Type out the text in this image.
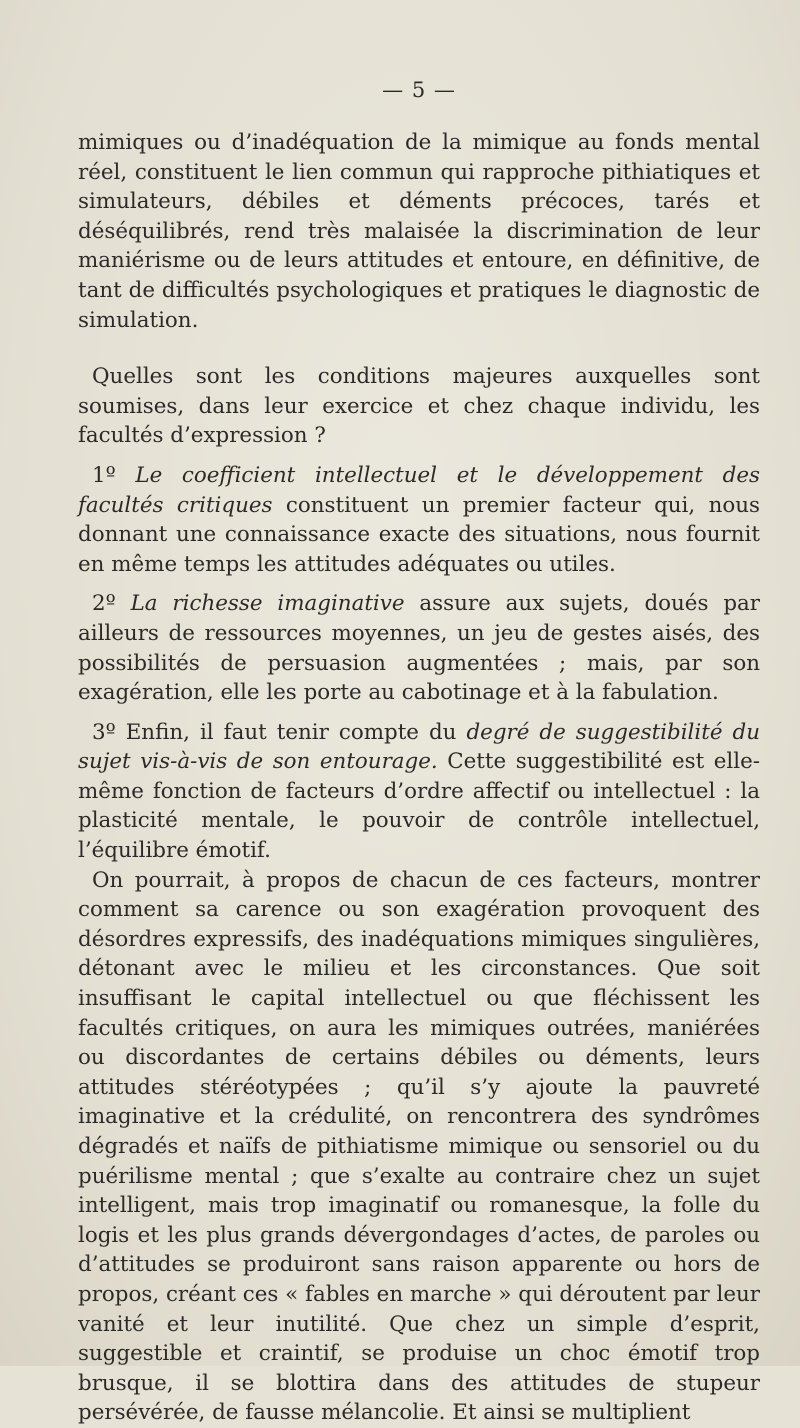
— 5 —

mimiques ou d’inadéquation de la mimique au fonds mental réel, constituent le lien commun qui rapproche pithiatiques et simulateurs, débiles et déments précoces, tarés et déséquilibrés, rend très malaisée la discrimination de leur maniérisme ou de leurs attitudes et entoure, en définitive, de tant de difficultés psychologiques et pratiques le diagnostic de simulation.

Quelles sont les conditions majeures auxquelles sont soumises, dans leur exercice et chez chaque individu, les facultés d’expression ?

1º Le coefficient intellectuel et le développement des facultés critiques constituent un premier facteur qui, nous donnant une connaissance exacte des situations, nous fournit en même temps les attitudes adéquates ou utiles.

2º La richesse imaginative assure aux sujets, doués par ailleurs de ressources moyennes, un jeu de gestes aisés, des possibilités de persuasion augmentées ; mais, par son exagération, elle les porte au cabotinage et à la fabulation.

3º Enfin, il faut tenir compte du degré de suggestibilité du sujet vis-à-vis de son entourage. Cette suggestibilité est elle-même fonction de facteurs d’ordre affectif ou intellectuel : la plasticité mentale, le pouvoir de contrôle intellectuel, l’équilibre émotif.

On pourrait, à propos de chacun de ces facteurs, montrer comment sa carence ou son exagération provoquent des désordres expressifs, des inadéquations mimiques singulières, détonant avec le milieu et les circonstances. Que soit insuffisant le capital intellectuel ou que fléchissent les facultés critiques, on aura les mimiques outrées, maniérées ou discordantes de certains débiles ou déments, leurs attitudes stéréotypées ; qu’il s’y ajoute la pauvreté imaginative et la crédulité, on rencontrera des syndrômes dégradés et naïfs de pithiatisme mimique ou sensoriel ou du puérilisme mental ; que s’exalte au contraire chez un sujet intelligent, mais trop imaginatif ou romanesque, la folle du logis et les plus grands dévergondages d’actes, de paroles ou d’attitudes se produiront sans raison apparente ou hors de propos, créant ces « fables en marche » qui déroutent par leur vanité et leur inutilité. Que chez un simple d’esprit, suggestible et craintif, se produise un choc émotif trop brusque, il se blottira dans des attitudes de stupeur persévérée, de fausse mélancolie. Et ainsi se multiplient
